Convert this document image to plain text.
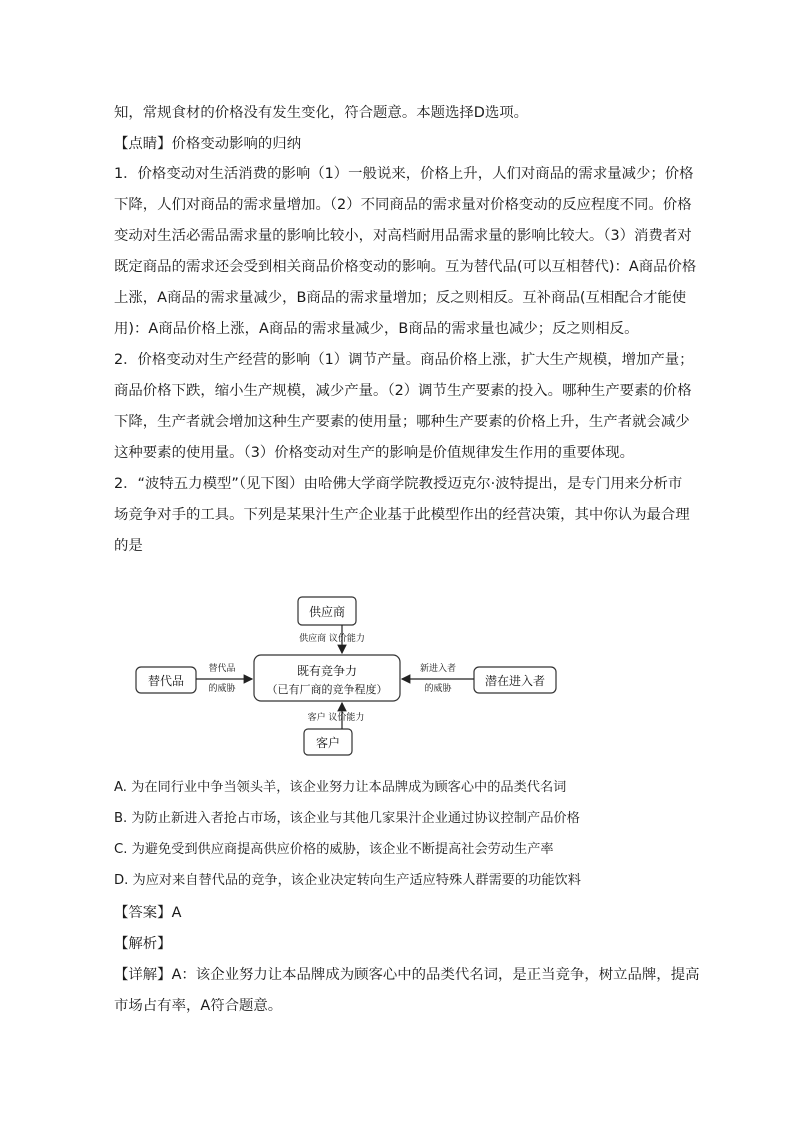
知，常规食材的价格没有发生变化，符合题意。本题选择D选项。
【点睛】价格变动影响的归纳
1．价格变动对生活消费的影响（1）一般说来，价格上升，人们对商品的需求量减少；价格
下降，人们对商品的需求量增加。（2）不同商品的需求量对价格变动的反应程度不同。价格
变动对生活必需品需求量的影响比较小，对高档耐用品需求量的影响比较大。（3）消费者对
既定商品的需求还会受到相关商品价格变动的影响。互为替代品(可以互相替代)：A商品价格
上涨，A商品的需求量减少，B商品的需求量增加；反之则相反。互补商品(互相配合才能使
用)：A商品价格上涨，A商品的需求量减少，B商品的需求量也减少；反之则相反。
2．价格变动对生产经营的影响（1）调节产量。商品价格上涨，扩大生产规模，增加产量；
商品价格下跌，缩小生产规模，减少产量。（2）调节生产要素的投入。哪种生产要素的价格
下降，生产者就会增加这种生产要素的使用量；哪种生产要素的价格上升，生产者就会减少
这种要素的使用量。（3）价格变动对生产的影响是价值规律发生作用的重要体现。
2．“波特五力模型”（见下图）由哈佛大学商学院教授迈克尔·波特提出，是专门用来分析市
场竞争对手的工具。下列是某果汁生产企业基于此模型作出的经营决策，其中你认为最合理
的是
供应商
供应商 议价能力
既有竞争力
（已有厂商的竞争程度）
替代品
替代品
的威胁
潜在进入者
新进入者
的威胁
客户
客户 议价能力
A. 为在同行业中争当领头羊，该企业努力让本品牌成为顾客心中的品类代名词
B. 为防止新进入者抢占市场，该企业与其他几家果汁企业通过协议控制产品价格
C. 为避免受到供应商提高供应价格的威胁，该企业不断提高社会劳动生产率
D. 为应对来自替代品的竞争，该企业决定转向生产适应特殊人群需要的功能饮料
【答案】A
【解析】
【详解】A：该企业努力让本品牌成为顾客心中的品类代名词，是正当竞争，树立品牌，提高
市场占有率，A符合题意。
